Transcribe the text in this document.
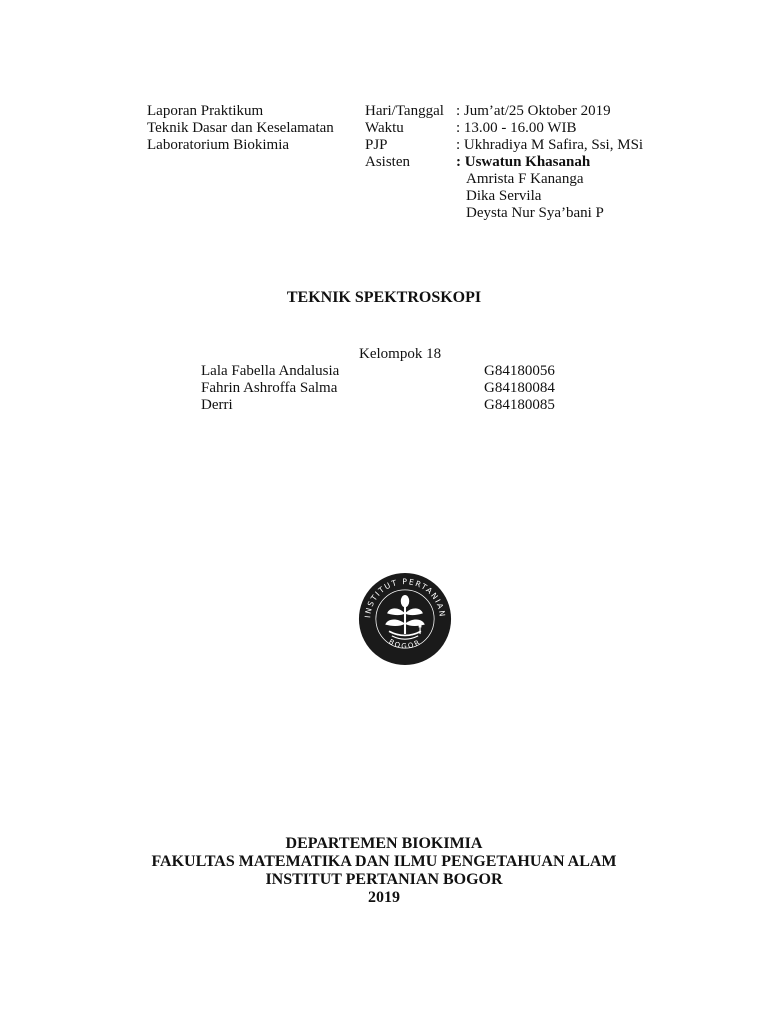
Laporan Praktikum
Teknik Dasar dan Keselamatan
Laboratorium Biokimia
Hari/Tanggal : Jum’at/25 Oktober 2019
Waktu	: 13.00 - 16.00 WIB
PJP	: Ukhradiya M Safira, Ssi, MSi
Asisten	: Uswatun Khasanah
Amrista F Kananga
Dika Servila
Deysta Nur Sya’bani P
TEKNIK SPEKTROSKOPI
Kelompok 18
Lala Fabella Andalusia	G84180056
Fahrin Ashroffa Salma	G84180084
Derri	G84180085
INSTITUT PERTANIAN
BOGOR
DEPARTEMEN BIOKIMIA
FAKULTAS MATEMATIKA DAN ILMU PENGETAHUAN ALAM
INSTITUT PERTANIAN BOGOR
2019
